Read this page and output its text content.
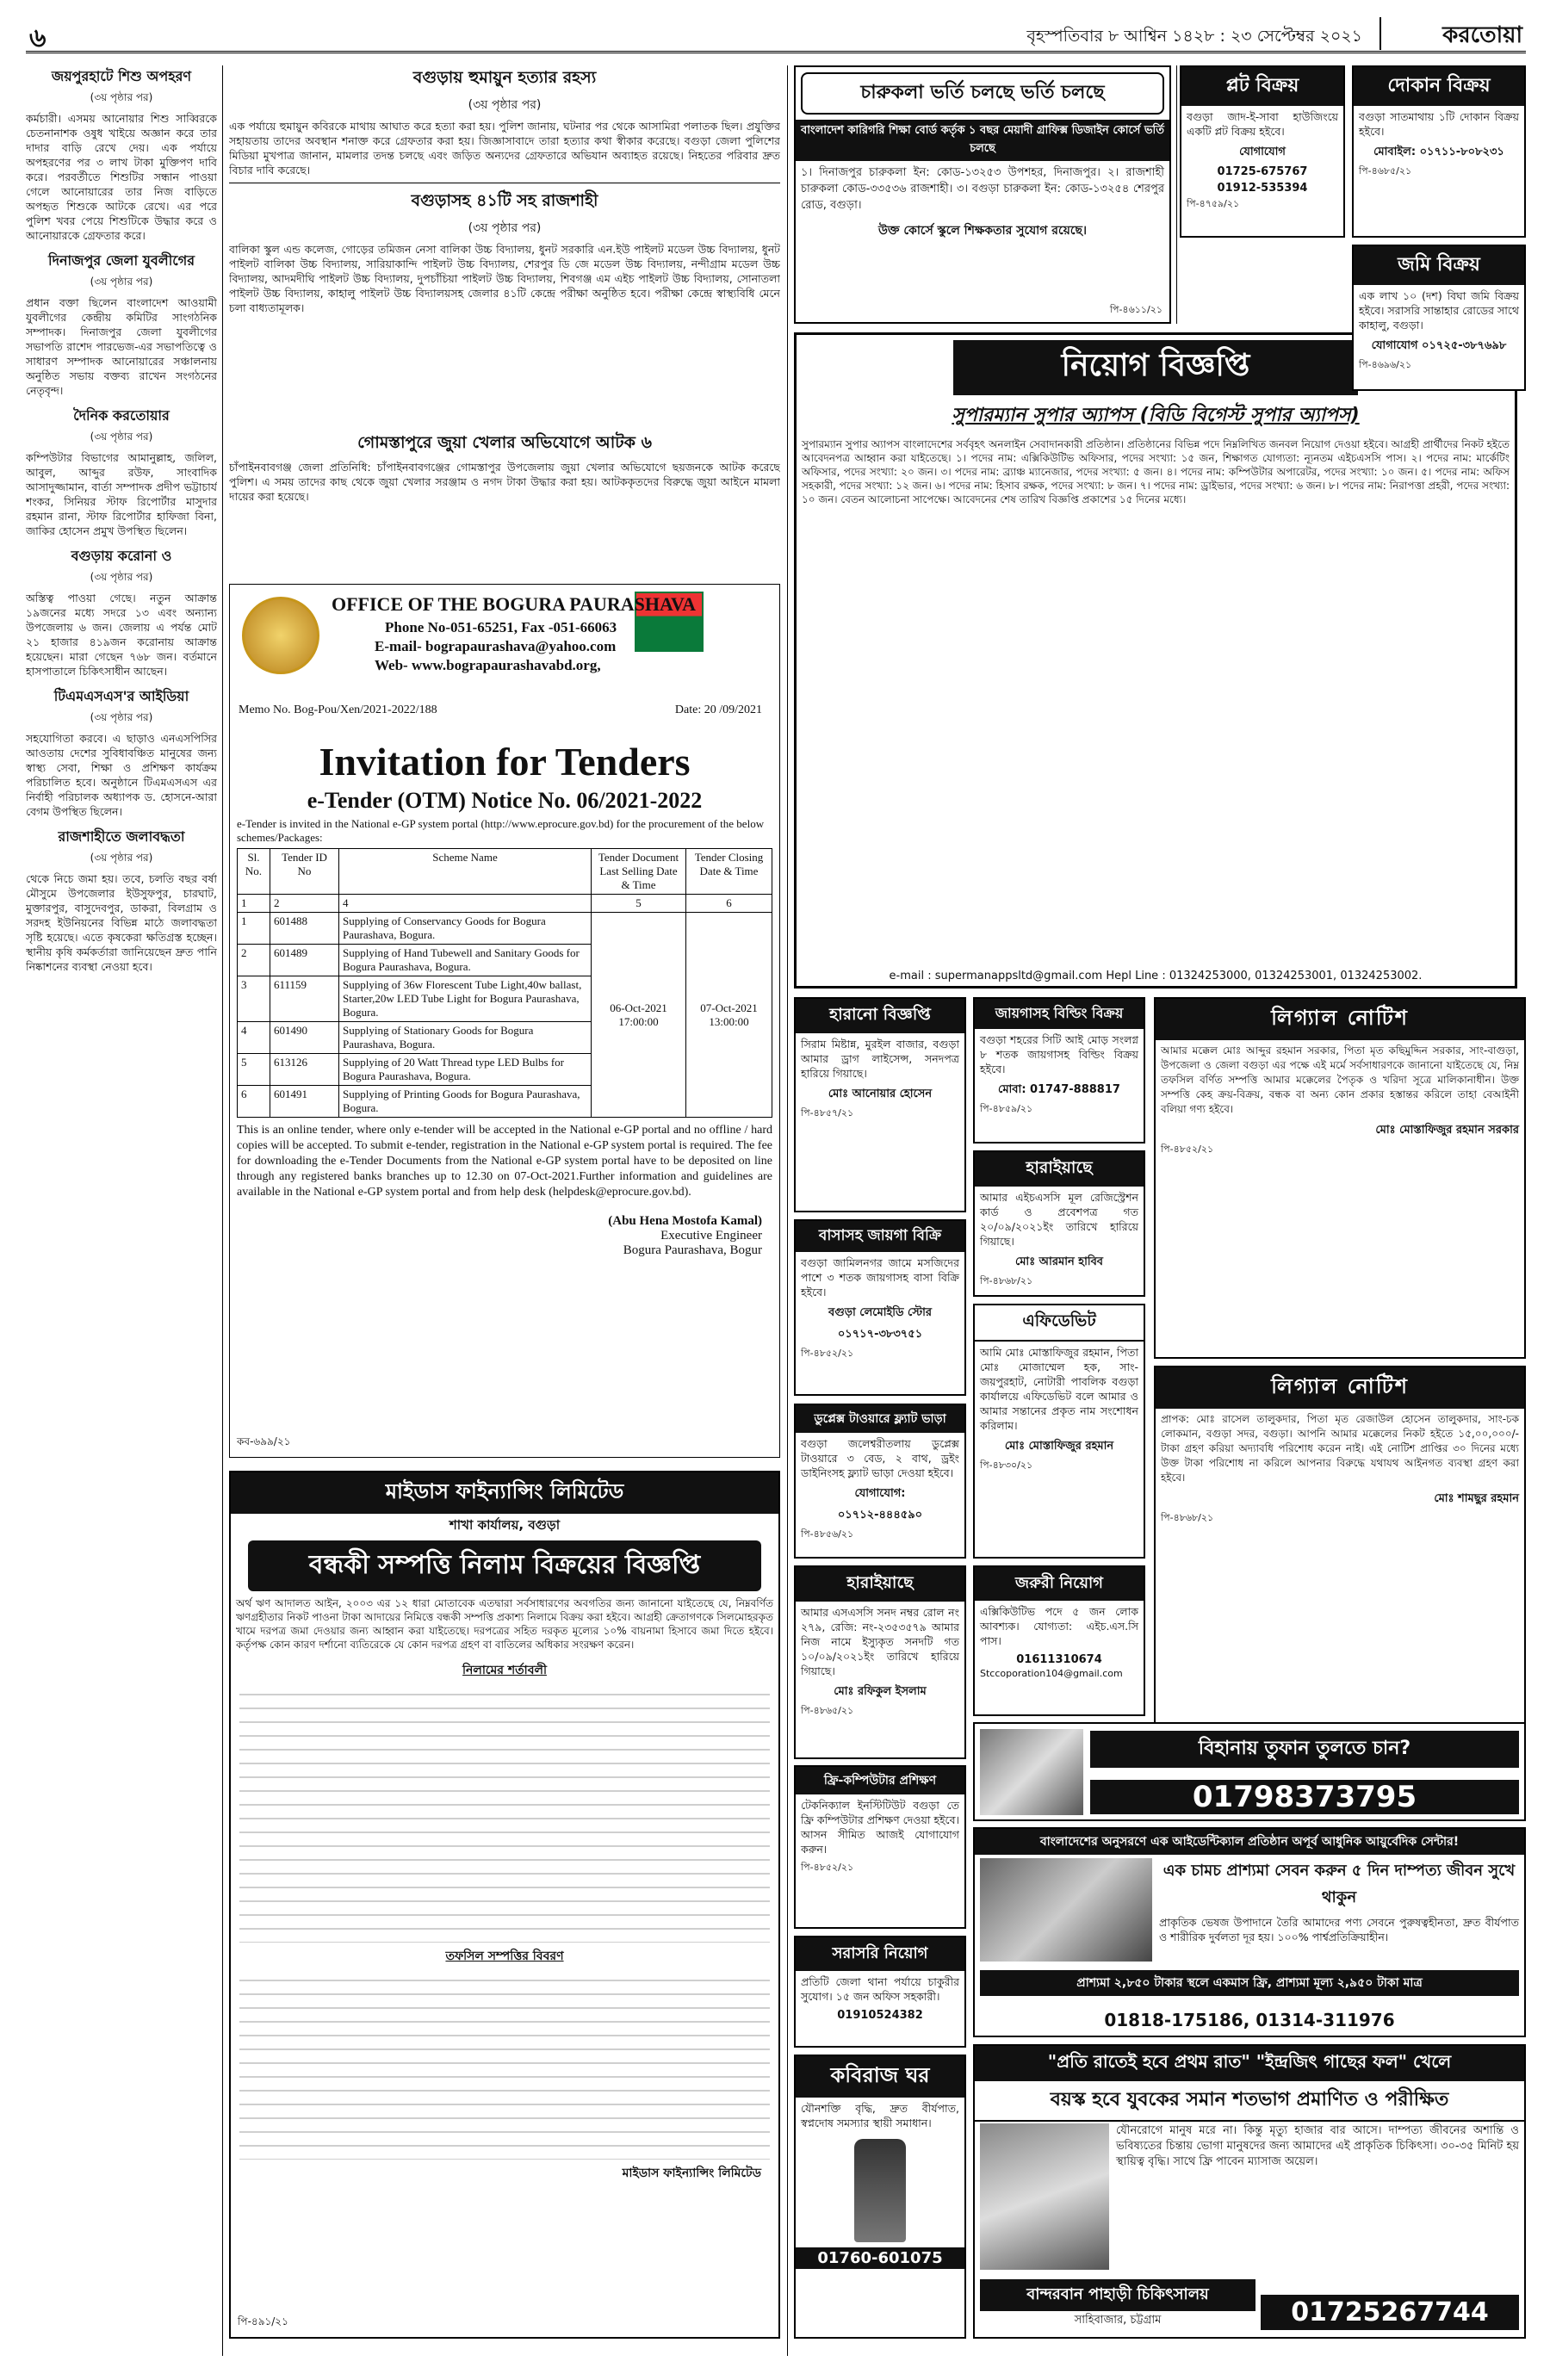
৬	বৃহস্পতিবার ৮ আশ্বিন ১৪২৮ : ২৩ সেপ্টেম্বর ২০২১	করতোয়া
জয়পুরহাটে শিশু অপহরণ
(৩য় পৃষ্ঠার পর)
কর্মচারী। এসময় আনোয়ার শিশু সাব্বিরকে চেতনানাশক ওষুধ খাইয়ে অজ্ঞান করে তার দাদার বাড়ি রেখে দেয়। এক পর্যায়ে অপহরণের পর ৩ লাখ টাকা মুক্তিপণ দাবি করে। পরবর্তীতে শিশুটির সন্ধান পাওয়া গেলে আনোয়ারের তার নিজ বাড়িতে অপহৃত শিশুকে আটকে রেখে। এর পরে পুলিশ খবর পেয়ে শিশুটিকে উদ্ধার করে ও আনোয়ারকে গ্রেফতার করে।
দিনাজপুর জেলা যুবলীগের
(৩য় পৃষ্ঠার পর)
প্রধান বক্তা ছিলেন বাংলাদেশ আওয়ামী যুবলীগের কেন্দ্রীয় কমিটির সাংগঠনিক সম্পাদক। দিনাজপুর জেলা যুবলীগের সভাপতি রাশেদ পারভেজ-এর সভাপতিত্বে ও সাধারণ সম্পাদক আনোয়ারের সঞ্চালনায় অনুষ্ঠিত সভায় বক্তব্য রাখেন সংগঠনের নেতৃবৃন্দ।
দৈনিক করতোয়ার
(৩য় পৃষ্ঠার পর)
কম্পিউটার বিভাগের আমানুল্লাহ, জলিল, আবুল, আব্দুর রউফ, সাংবাদিক আসাদুজ্জামান, বার্তা সম্পাদক প্রদীপ ভট্টাচার্য শংকর, সিনিয়র স্টাফ রিপোর্টার মাসুদার রহমান রানা, স্টাফ রিপোর্টার হাফিজা বিনা, জাকির হোসেন প্রমুখ উপস্থিত ছিলেন।
বগুড়ায় করোনা ও
(৩য় পৃষ্ঠার পর)
অস্তিত্ব পাওয়া গেছে। নতুন আক্রান্ত ১৯জনের মধ্যে সদরে ১৩ এবং অন্যান্য উপজেলায় ৬ জন। জেলায় এ পর্যন্ত মোট ২১ হাজার ৪১৯জন করোনায় আক্রান্ত হয়েছেন। মারা গেছেন ৭৬৮ জন। বর্তমানে হাসপাতালে চিকিৎসাধীন আছেন।
টিএমএসএস'র আইডিয়া
(৩য় পৃষ্ঠার পর)
সহযোগিতা করবে। এ ছাড়াও এনএসপিসির আওতায় দেশের সুবিধাবঞ্চিত মানুষের জন্য স্বাস্থ্য সেবা, শিক্ষা ও প্রশিক্ষণ কার্যক্রম পরিচালিত হবে। অনুষ্ঠানে টিএমএসএস এর নির্বাহী পরিচালক অধ্যাপক ড. হোসনে-আরা বেগম উপস্থিত ছিলেন।
রাজশাহীতে জলাবদ্ধতা
(৩য় পৃষ্ঠার পর)
থেকে নিচে জমা হয়। তবে, চলতি বছর বর্ষা মৌসুমে উপজেলার ইউসুফপুর, চারঘাট, মুক্তারপুর, বাসুদেবপুর, ডাকরা, বিলগ্রাম ও সরদহ ইউনিয়নের বিভিন্ন মাঠে জলাবদ্ধতা সৃষ্টি হয়েছে। এতে কৃষকেরা ক্ষতিগ্রস্ত হচ্ছেন। স্থানীয় কৃষি কর্মকর্তারা জানিয়েছেন দ্রুত পানি নিষ্কাশনের ব্যবস্থা নেওয়া হবে।
বগুড়ায় হুমায়ুন হত্যার রহস্য
(৩য় পৃষ্ঠার পর)
এক পর্যায়ে হুমায়ুন কবিরকে মাথায় আঘাত করে হত্যা করা হয়। পুলিশ জানায়, ঘটনার পর থেকে আসামিরা পলাতক ছিল। প্রযুক্তির সহায়তায় তাদের অবস্থান শনাক্ত করে গ্রেফতার করা হয়। জিজ্ঞাসাবাদে তারা হত্যার কথা স্বীকার করেছে। বগুড়া জেলা পুলিশের মিডিয়া মুখপাত্র জানান, মামলার তদন্ত চলছে এবং জড়িত অন্যদের গ্রেফতারে অভিযান অব্যাহত রয়েছে। নিহতের পরিবার দ্রুত বিচার দাবি করেছে।
বগুড়াসহ ৪১টি সহ রাজশাহী
(৩য় পৃষ্ঠার পর)
বালিকা স্কুল এন্ড কলেজ, গোড়ের তমিজন নেসা বালিকা উচ্চ বিদ্যালয়, ধুনট সরকারি এন.ইউ পাইলট মডেল উচ্চ বিদ্যালয়, ধুনট পাইলট বালিকা উচ্চ বিদ্যালয়, সারিয়াকান্দি পাইলট উচ্চ বিদ্যালয়, শেরপুর ডি জে মডেল উচ্চ বিদ্যালয়, নন্দীগ্রাম মডেল উচ্চ বিদ্যালয়, আদমদীঘি পাইলট উচ্চ বিদ্যালয়, দুপচাঁচিয়া পাইলট উচ্চ বিদ্যালয়, শিবগঞ্জ এম এইচ পাইলট উচ্চ বিদ্যালয়, সোনাতলা পাইলট উচ্চ বিদ্যালয়, কাহালু পাইলট উচ্চ বিদ্যালয়সহ জেলার ৪১টি কেন্দ্রে পরীক্ষা অনুষ্ঠিত হবে। পরীক্ষা কেন্দ্রে স্বাস্থ্যবিধি মেনে চলা বাধ্যতামূলক।
গোমস্তাপুরে জুয়া খেলার অভিযোগে আটক ৬
চাঁপাইনবাবগঞ্জ জেলা প্রতিনিধি: চাঁপাইনবাবগঞ্জের গোমস্তাপুর উপজেলায় জুয়া খেলার অভিযোগে ছয়জনকে আটক করেছে পুলিশ। এ সময় তাদের কাছ থেকে জুয়া খেলার সরঞ্জাম ও নগদ টাকা উদ্ধার করা হয়। আটককৃতদের বিরুদ্ধে জুয়া আইনে মামলা দায়ের করা হয়েছে।
OFFICE OF THE BOGURA PAURASHAVA
Phone No-051-65251, Fax -051-66063
E-mail- bograpaurashava@yahoo.com
Web- www.bograpaurashavabd.org,
Memo No. Bog-Pou/Xen/2021-2022/188	Date: 20 /09/2021
Invitation for Tenders
e-Tender (OTM) Notice No. 06/2021-2022
e-Tender is invited in the National e-GP system portal (http://www.eprocure.gov.bd) for the procurement of the below schemes/Packages:
Sl. No.	Tender ID No	Scheme Name	Tender Document Last Selling Date & Time	Tender Closing Date & Time
1	2	4	5	6
1	601488	Supplying of Conservancy Goods for Bogura Paurashava, Bogura.	06-Oct-2021 17:00:00	07-Oct-2021 13:00:00
2	601489	Supplying of Hand Tubewell and Sanitary Goods for Bogura Paurashava, Bogura.		
3	611159	Supplying of 36w Florescent Tube Light,40w ballast, Starter,20w LED Tube Light for Bogura Paurashava, Bogura.		
4	601490	Supplying of Stationary Goods for Bogura Paurashava, Bogura.		
5	613126	Supplying of 20 Watt Thread type LED Bulbs for Bogura Paurashava, Bogura.		
6	601491	Supplying of Printing Goods for Bogura Paurashava, Bogura.		
This is an online tender, where only e-tender will be accepted in the National e-GP portal and no offline / hard copies will be accepted. To submit e-tender, registration in the National e-GP system portal is required. The fee for downloading the e-Tender Documents from the National e-GP system portal have to be deposited on line through any registered banks branches up to 12.30 on 07-Oct-2021.Further information and guidelines are available in the National e-GP system portal and from help desk (helpdesk@eprocure.gov.bd).
(Abu Hena Mostofa Kamal)
Executive Engineer
Bogura Paurashava, Bogur
কব-৬৯৯/২১
মাইডাস ফাইন্যান্সিং লিমিটেড
শাখা কার্যালয়, বগুড়া
বন্ধকী সম্পত্তি নিলাম বিক্রয়ের বিজ্ঞপ্তি
অর্থ ঋণ আদালত আইন, ২০০৩ এর ১২ ধারা মোতাবেক এতদ্বারা সর্বসাধারণের অবগতির জন্য জানানো যাইতেছে যে, নিম্নবর্ণিত ঋণগ্রহীতার নিকট পাওনা টাকা আদায়ের নিমিত্তে বন্ধকী সম্পত্তি প্রকাশ্য নিলামে বিক্রয় করা হইবে। আগ্রহী ক্রেতাগণকে সিলমোহরকৃত খামে দরপত্র জমা দেওয়ার জন্য আহ্বান করা যাইতেছে। দরপত্রের সহিত দরকৃত মূল্যের ১০% বায়নামা হিসাবে জমা দিতে হইবে। কর্তৃপক্ষ কোন কারণ দর্শানো ব্যতিরেকে যে কোন দরপত্র গ্রহণ বা বাতিলের অধিকার সংরক্ষণ করেন।
নিলামের শর্তাবলী
তফসিল সম্পত্তির বিবরণ
মাইডাস ফাইন্যান্সিং লিমিটেড
পি-৪৯১/২১
চারুকলা ভর্তি চলছে ভর্তি চলছে
বাংলাদেশ কারিগরি শিক্ষা বোর্ড কর্তৃক ১ বছর মেয়াদী গ্রাফিক্স ডিজাইন কোর্সে ভর্তি চলছে
১। দিনাজপুর চারুকলা ইন: কোড-১৩২৫৩ উপশহর, দিনাজপুর। ২। রাজশাহী চারুকলা কোড-৩৩৫৩৬ রাজশাহী। ৩। বগুড়া চারুকলা ইন: কোড-১৩২৫৪ শেরপুর রোড, বগুড়া।
উক্ত কোর্সে স্কুলে শিক্ষকতার সুযোগ রয়েছে।
পি-৪৬১১/২১
প্লট বিক্রয়
বগুড়া জাদ-ই-সাবা হাউজিংয়ে একটি প্লট বিক্রয় হইবে।
যোগাযোগ
01725-675767
01912-535394
পি-৪৭৫৯/২১
দোকান বিক্রয়
বগুড়া সাতমাথায় ১টি দোকান বিক্রয় হইবে।
মোবাইল: ০১৭১১-৮০৮২৩১
পি-৪৬৮৫/২১
নিয়োগ বিজ্ঞপ্তি
সুপারম্যান সুপার অ্যাপস (বিডি বিগেস্ট সুপার অ্যাপস)
সুপারম্যান সুপার অ্যাপস বাংলাদেশের সর্ববৃহৎ অনলাইন সেবাদানকারী প্রতিষ্ঠান। প্রতিষ্ঠানের বিভিন্ন পদে নিম্নলিখিত জনবল নিয়োগ দেওয়া হইবে। আগ্রহী প্রার্থীদের নিকট হইতে আবেদনপত্র আহ্বান করা যাইতেছে। ১। পদের নাম: এক্সিকিউটিভ অফিসার, পদের সংখ্যা: ১৫ জন, শিক্ষাগত যোগ্যতা: ন্যূনতম এইচএসসি পাস। ২। পদের নাম: মার্কেটিং অফিসার, পদের সংখ্যা: ২০ জন। ৩। পদের নাম: ব্র্যাঞ্চ ম্যানেজার, পদের সংখ্যা: ৫ জন। ৪। পদের নাম: কম্পিউটার অপারেটর, পদের সংখ্যা: ১০ জন। ৫। পদের নাম: অফিস সহকারী, পদের সংখ্যা: ১২ জন। ৬। পদের নাম: হিসাব রক্ষক, পদের সংখ্যা: ৮ জন। ৭। পদের নাম: ড্রাইভার, পদের সংখ্যা: ৬ জন। ৮। পদের নাম: নিরাপত্তা প্রহরী, পদের সংখ্যা: ১০ জন। বেতন আলোচনা সাপেক্ষে। আবেদনের শেষ তারিখ বিজ্ঞপ্তি প্রকাশের ১৫ দিনের মধ্যে।
e-mail : supermanappsltd@gmail.com Hepl Line : 01324253000, 01324253001, 01324253002.
হারানো বিজ্ঞপ্তি
সিরাম মিষ্টান্ন, মুরইল বাজার, বগুড়া আমার ড্রাগ লাইসেন্স, সনদপত্র হারিয়ে গিয়াছে।
মোঃ আনোয়ার হোসেন
পি-৪৮৫৭/২১
জায়গাসহ বিল্ডিং বিক্রয়
বগুড়া শহরের সিটি আই মোড় সংলগ্ন ৮ শতক জায়গাসহ বিল্ডিং বিক্রয় হইবে।
মোবা: 01747-888817
পি-৪৮৫৯/২১
হারাইয়াছে
আমার এইচএসসি মূল রেজিস্ট্রেশন কার্ড ও প্রবেশপত্র গত ২০/০৯/২০২১ইং তারিখে হারিয়ে গিয়াছে।
মোঃ আরমান হাবিব
পি-৪৮৬৮/২১
বাসাসহ জায়গা বিক্রি
বগুড়া জামিলনগর জামে মসজিদের পাশে ৩ শতক জায়গাসহ বাসা বিক্রি হইবে।
বগুড়া লেমোইডি স্টোর
০১৭১৭-৩৮৩৭৫১
পি-৪৮৫২/২১
এফিডেভিট
আমি মোঃ মোস্তাফিজুর রহমান, পিতা মোঃ মোজাম্মেল হক, সাং-জয়পুরহাট, নোটারী পাবলিক বগুড়া কার্যালয়ে এফিডেভিট বলে আমার ও আমার সন্তানের প্রকৃত নাম সংশোধন করিলাম।
মোঃ মোস্তাফিজুর রহমান
পি-৪৮৩০/২১
ডুপ্লেক্স টাওয়ারে ফ্ল্যাট ভাড়া
বগুড়া জলেশ্বরীতলায় ডুপ্লেক্স টাওয়ারে ৩ বেড, ২ বাথ, ড্রইং ডাইনিংসহ ফ্ল্যাট ভাড়া দেওয়া হইবে।
যোগাযোগ:
০১৭১২-৪৪৪৫৯০
পি-৪৮৫৬/২১
হারাইয়াছে
আমার এসএসসি সনদ নম্বর রোল নং ২৭৯, রেজি: নং-২৩৫৩৫৭৯ আমার নিজ নামে ইস্যুকৃত সনদটি গত ১০/০৯/২০২১ইং তারিখে হারিয়ে গিয়াছে।
মোঃ রফিকুল ইসলাম
পি-৪৮৬৫/২১
জরুরী নিয়োগ
এক্সিকিউটিভ পদে ৫ জন লোক আবশ্যক। যোগ্যতা: এইচ.এস.সি পাস।
01611310674
Stccoporation104@gmail.com
ফ্রি-কম্পিউটার প্রশিক্ষণ
টেকনিক্যাল ইনস্টিটিউট বগুড়া তে ফ্রি কম্পিউটার প্রশিক্ষণ দেওয়া হইবে। আসন সীমিত আজই যোগাযোগ করুন।
পি-৪৮৫২/২১
সরাসরি নিয়োগ
প্রতিটি জেলা থানা পর্যায়ে চাকুরীর সুযোগ। ১৫ জন অফিস সহকারী।
01910524382
কবিরাজ ঘর
যৌনশক্তি বৃদ্ধি, দ্রুত বীর্যপাত, স্বপ্নদোষ সমস্যার স্থায়ী সমাধান।
01760-601075
জমি বিক্রয়
এক লাখ ১০ (দশ) বিঘা জমি বিক্রয় হইবে। সরাসরি সান্তাহার রোডের সাথে কাহালু, বগুড়া।
যোগাযোগ ০১৭২৫-৩৮৭৬৯৮
পি-৪৬৯৬/২১
লিগ্যাল নোটিশ
আমার মক্কেল মোঃ আব্দুর রহমান সরকার, পিতা মৃত কছিমুদ্দিন সরকার, সাং-বাগুড়া, উপজেলা ও জেলা বগুড়া এর পক্ষে এই মর্মে সর্বসাধারণকে জানানো যাইতেছে যে, নিম্ন তফসিল বর্ণিত সম্পত্তি আমার মক্কেলের পৈতৃক ও খরিদা সূত্রে মালিকানাধীন। উক্ত সম্পত্তি কেহ ক্রয়-বিক্রয়, বন্ধক বা অন্য কোন প্রকার হস্তান্তর করিলে তাহা বেআইনী বলিয়া গণ্য হইবে।
মোঃ মোস্তাফিজুর রহমান সরকার
পি-৪৮৫২/২১
লিগ্যাল নোটিশ
প্রাপক: মোঃ রাসেল তালুকদার, পিতা মৃত রেজাউল হোসেন তালুকদার, সাং-চক লোকমান, বগুড়া সদর, বগুড়া। আপনি আমার মক্কেলের নিকট হইতে ১৫,০০,০০০/- টাকা গ্রহণ করিয়া অদ্যাবধি পরিশোধ করেন নাই। এই নোটিশ প্রাপ্তির ৩০ দিনের মধ্যে উক্ত টাকা পরিশোধ না করিলে আপনার বিরুদ্ধে যথাযথ আইনগত ব্যবস্থা গ্রহণ করা হইবে।
মোঃ শামছুর রহমান
পি-৪৮৬৮/২১
বিহানায় তুফান তুলতে চান?
01798373795
বাংলাদেশের অনুসরণে এক আইডেন্টিক্যাল প্রতিষ্ঠান অপূর্ব আধুনিক আয়ুর্বেদিক সেন্টার!
এক চামচ প্রাশ্যমা সেবন করুন ৫ দিন দাম্পত্য জীবন সুখে থাকুন
প্রাকৃতিক ভেষজ উপাদানে তৈরি আমাদের পণ্য সেবনে পুরুষত্বহীনতা, দ্রুত বীর্যপাত ও শারীরিক দুর্বলতা দূর হয়। ১০০% পার্শ্বপ্রতিক্রিয়াহীন।
প্রাশ্যমা ২,৮৫০ টাকার স্থলে একমাস ফ্রি, প্রাশ্যমা মূল্য ২,৯৫০ টাকা মাত্র
01818-175186, 01314-311976
"প্রতি রাতেই হবে প্রথম রাত" "ইন্দ্রজিৎ গাছের ফল" খেলে
বয়স্ক হবে যুবকের সমান শতভাগ প্রমাণিত ও পরীক্ষিত
যৌনরোগে মানুষ মরে না। কিন্তু মৃত্যু হাজার বার আসে। দাম্পত্য জীবনের অশান্তি ও ভবিষ্যতের চিন্তায় ভোগা মানুষদের জন্য আমাদের এই প্রাকৃতিক চিকিৎসা। ৩০-৩৫ মিনিট হয় স্থায়িত্ব বৃদ্ধি। সাথে ফ্রি পাবেন ম্যাসাজ অয়েল।
বান্দরবান পাহাড়ী চিকিৎসালয়
সাহিবাজার, চট্টগ্রাম	01725267744
